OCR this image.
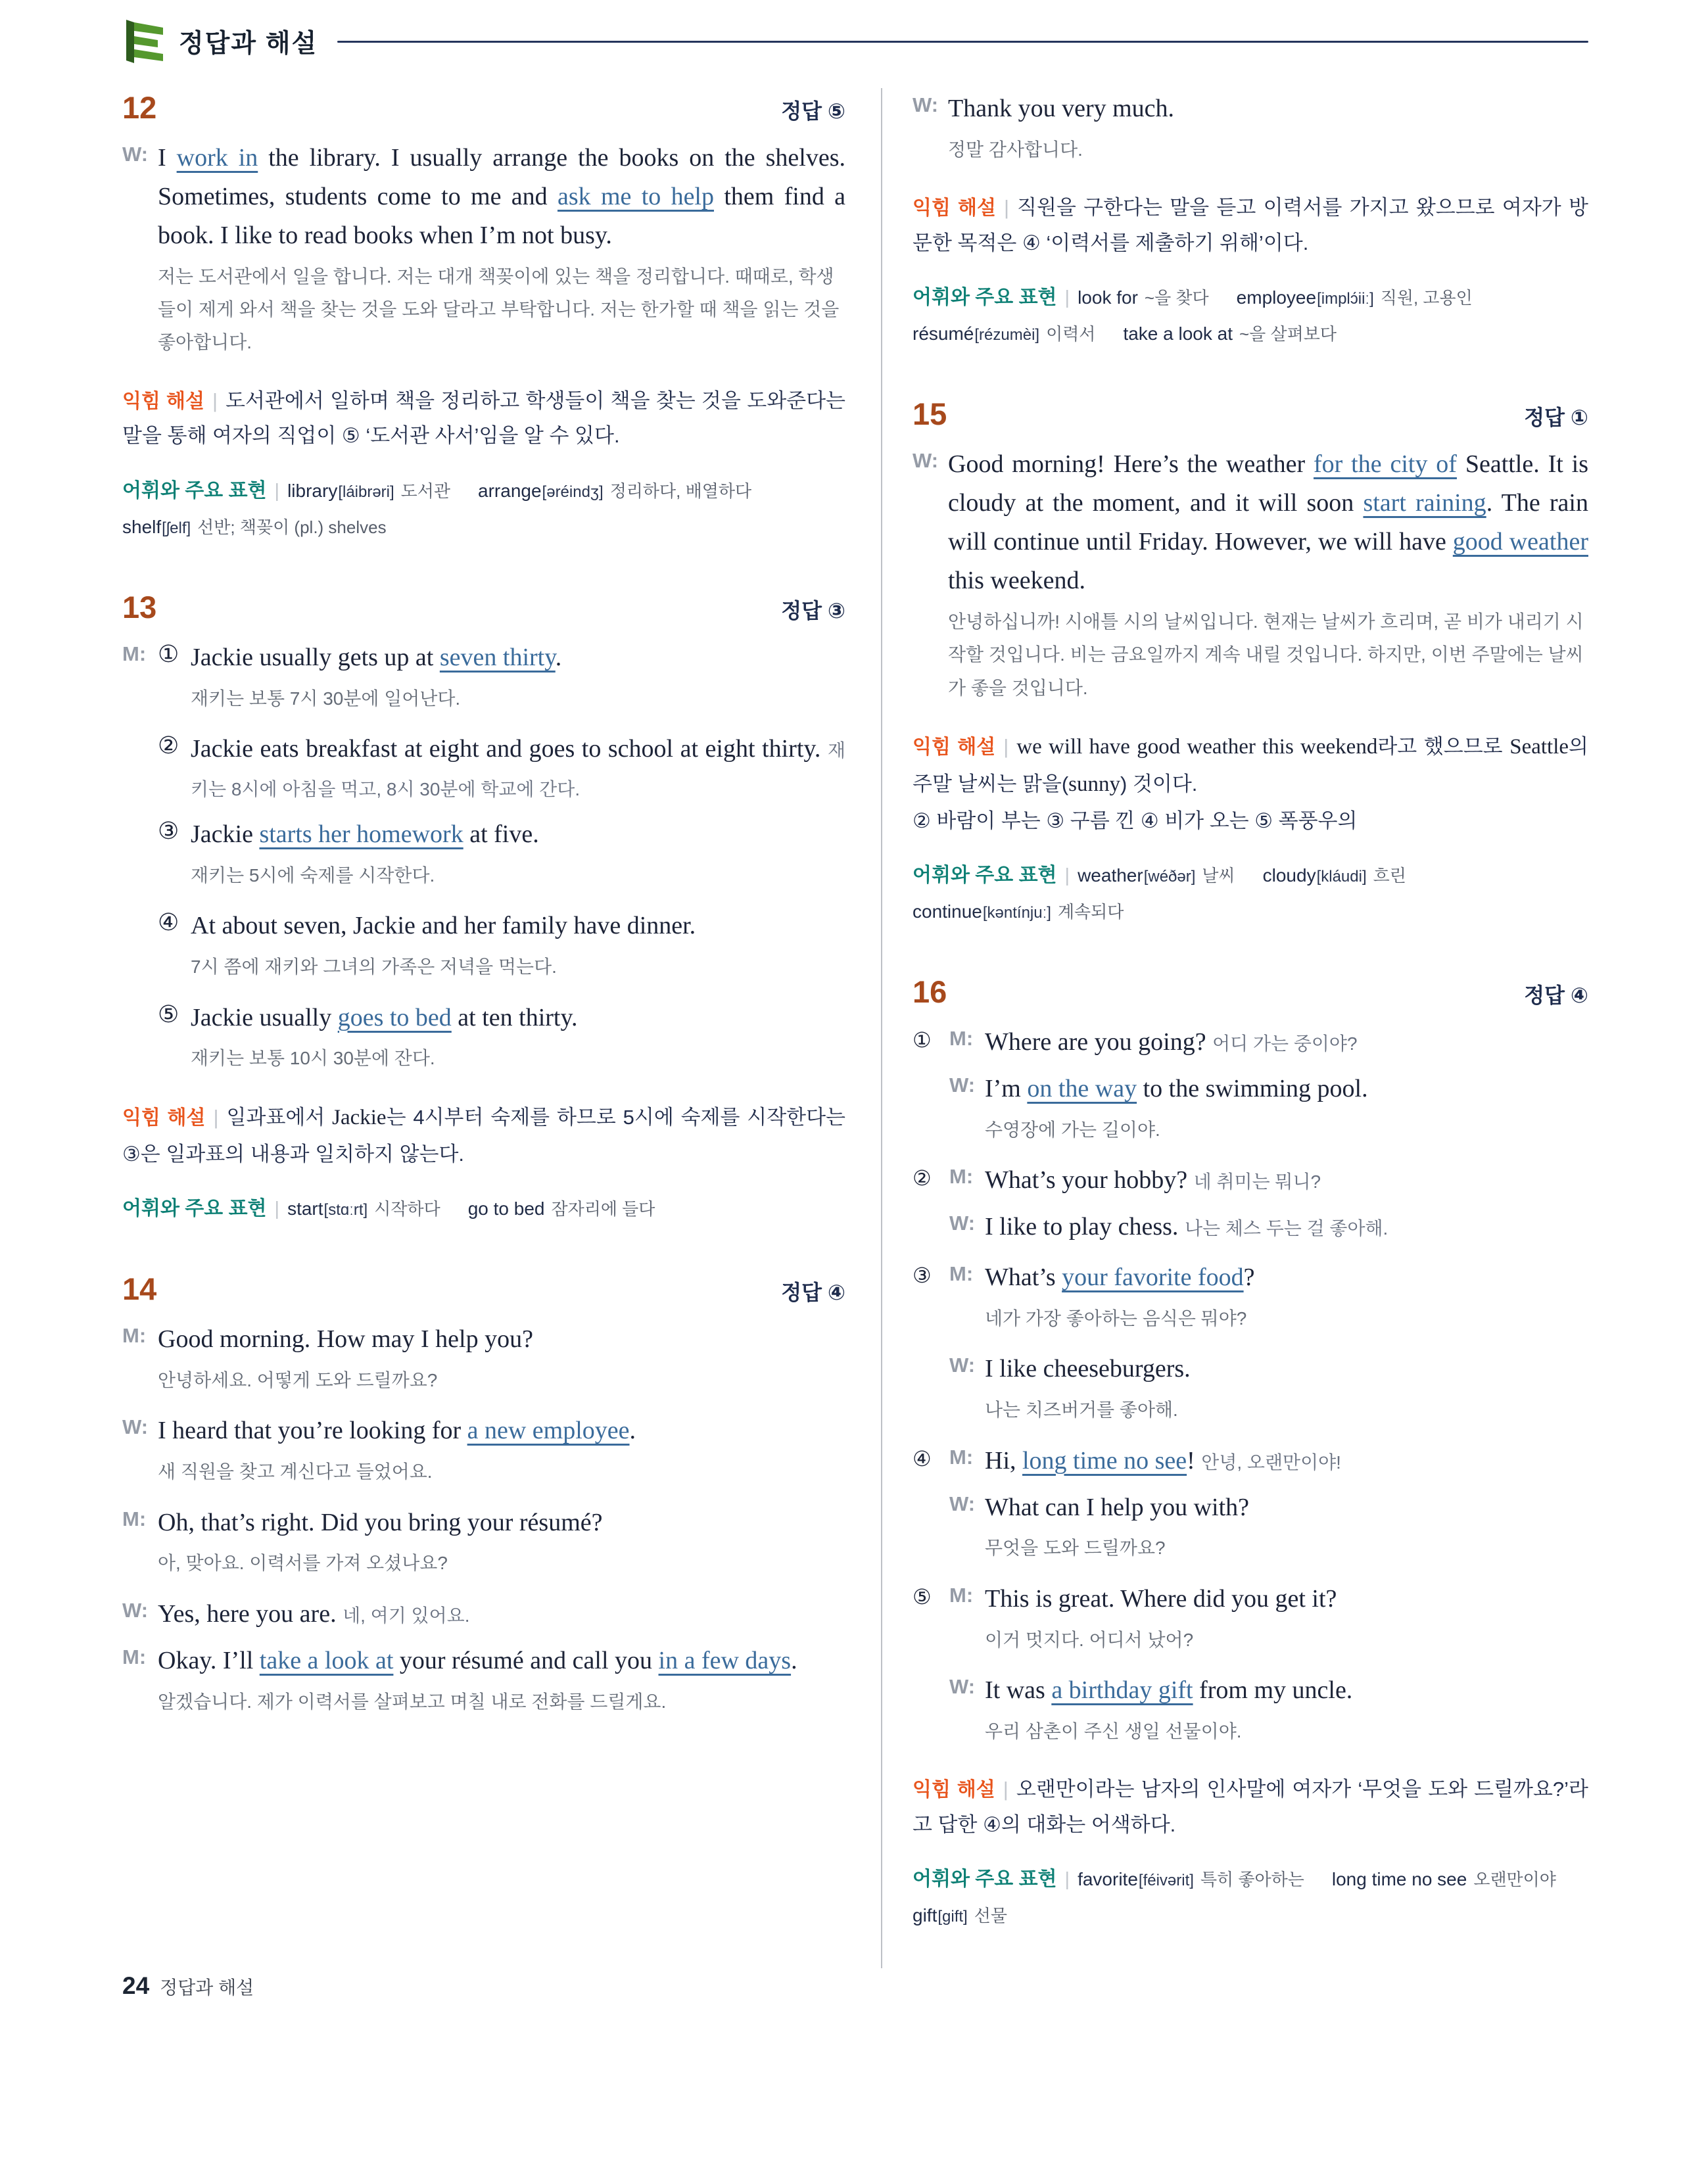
정답과 해설
12	정답 ⑤
W: I work in the library. I usually arrange the books on the shelves. Sometimes, students come to me and ask me to help them find a book. I like to read books when I’m not busy.
저는 도서관에서 일을 합니다. 저는 대개 책꽂이에 있는 책을 정리합니다. 때때로, 학생들이 제게 와서 책을 찾는 것을 도와 달라고 부탁합니다. 저는 한가할 때 책을 읽는 것을 좋아합니다.
익힘 해설 | 도서관에서 일하며 책을 정리하고 학생들이 책을 찾는 것을 도와준다는 말을 통해 여자의 직업이 ⑤ ‘도서관 사서’임을 알 수 있다.
어휘와 주요 표현 | library[láibrəri] 도서관 arrange[əréindʒ] 정리하다, 배열하다shelf[ʃelf] 선반; 책꽂이 (pl.) shelves
13	정답 ③
M: ① Jackie usually gets up at seven thirty.
재키는 보통 7시 30분에 일어난다.
② Jackie eats breakfast at eight and goes to school at eight thirty. 재키는 8시에 아침을 먹고, 8시 30분에 학교에 간다.
③ Jackie starts her homework at five.
재키는 5시에 숙제를 시작한다.
④ At about seven, Jackie and her family have dinner.
7시 쯤에 재키와 그녀의 가족은 저녁을 먹는다.
⑤ Jackie usually goes to bed at ten thirty.
재키는 보통 10시 30분에 잔다.
익힘 해설 | 일과표에서 Jackie는 4시부터 숙제를 하므로 5시에 숙제를 시작한다는 ③은 일과표의 내용과 일치하지 않는다.
어휘와 주요 표현 | start[stɑːrt] 시작하다 go to bed 잠자리에 들다
14	정답 ④
M: Good morning. How may I help you?
안녕하세요. 어떻게 도와 드릴까요?
W: I heard that you’re looking for a new employee.
새 직원을 찾고 계신다고 들었어요.
M: Oh, that’s right. Did you bring your résumé?
아, 맞아요. 이력서를 가져 오셨나요?
W: Yes, here you are. 네, 여기 있어요.
M: Okay. I’ll take a look at your résumé and call you in a few days.
알겠습니다. 제가 이력서를 살펴보고 며칠 내로 전화를 드릴게요.
W: Thank you very much.
정말 감사합니다.
익힘 해설 | 직원을 구한다는 말을 듣고 이력서를 가지고 왔으므로 여자가 방문한 목적은 ④ ‘이력서를 제출하기 위해’이다.
어휘와 주요 표현 | look for ~을 찾다 employee[implɔ́iiː] 직원, 고용인résumé[rézumèi] 이력서 take a look at ~을 살펴보다
15	정답 ①
W: Good morning! Here’s the weather for the city of Seattle. It is cloudy at the moment, and it will soon start raining. The rain will continue until Friday. However, we will have good weather this weekend.
안녕하십니까! 시애틀 시의 날씨입니다. 현재는 날씨가 흐리며, 곧 비가 내리기 시작할 것입니다. 비는 금요일까지 계속 내릴 것입니다. 하지만, 이번 주말에는 날씨가 좋을 것입니다.
익힘 해설 | we will have good weather this weekend라고 했으므로 Seattle의 주말 날씨는 맑을(sunny) 것이다.
② 바람이 부는 ③ 구름 낀 ④ 비가 오는 ⑤ 폭풍우의
어휘와 주요 표현 | weather[wéðər] 날씨 cloudy[kláudi] 흐린continue[kəntínjuː] 계속되다
16	정답 ④
① M: Where are you going? 어디 가는 중이야?
W: I’m on the way to the swimming pool.
수영장에 가는 길이야.
② M: What’s your hobby? 네 취미는 뭐니?
W: I like to play chess. 나는 체스 두는 걸 좋아해.
③ M: What’s your favorite food?
네가 가장 좋아하는 음식은 뭐야?
W: I like cheeseburgers.
나는 치즈버거를 좋아해.
④ M: Hi, long time no see! 안녕, 오랜만이야!
W: What can I help you with?
무엇을 도와 드릴까요?
⑤ M: This is great. Where did you get it?
이거 멋지다. 어디서 났어?
W: It was a birthday gift from my uncle.
우리 삼촌이 주신 생일 선물이야.
익힘 해설 | 오랜만이라는 남자의 인사말에 여자가 ‘무엇을 도와 드릴까요?’라고 답한 ④의 대화는 어색하다.
어휘와 주요 표현 | favorite[féivərit] 특히 좋아하는 long time no see 오랜만이야gift[gift] 선물
24 정답과 해설
